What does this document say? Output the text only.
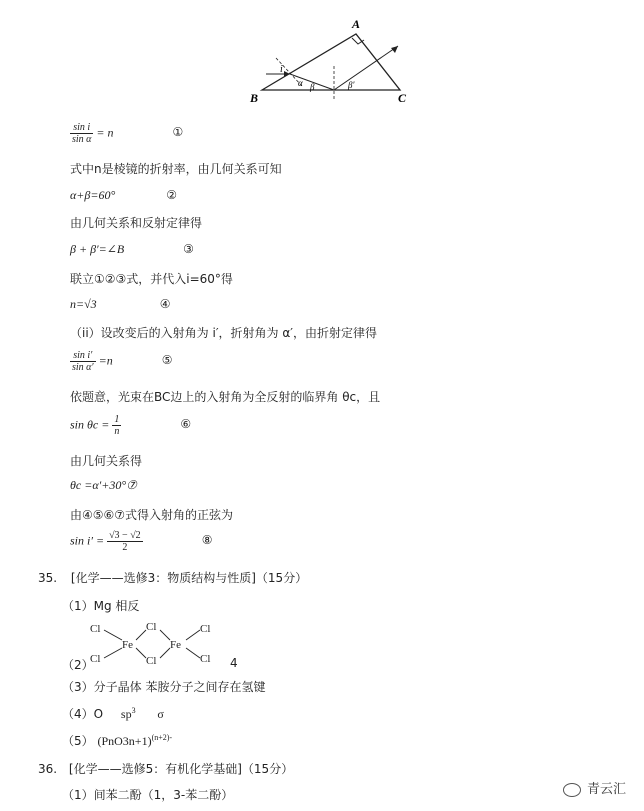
A
B	C
i
α β	β'
$\frac{\text{sin i}}{\text{sin α}} = n$	①
式中n是棱镜的折射率，由几何关系可知
α+β=60°	②
由几何关系和反射定律得
β + β′=∠B	③
联立①②③式，并代入i=60°得
n=√3	④
（ii）设改变后的入射角为 i′，折射角为 α′，由折射定律得
$\frac{\text{sin i′}}{\text{sin α′}} =n$	⑤
依题意，光束在BC边上的入射角为全反射的临界角 θc，且
$\sin \theta c = \frac{1}{n}$	⑥
由几何关系得
θc =α′+30°⑦
由④⑤⑥⑦式得入射角的正弦为
$\sin i' = \frac{√3 - √2}{2}$	⑧
35. [化学——选修3：物质结构与性质]（15分）
（1）Mg 相反
Cl
Cl
Fe
Cl
Cl
Fe
Cl
Cl
（2）	4
（3）分子晶体 苯胺分子之间存在氢键
（4）O $sp^3$ σ
（5） $(PnO3n+1)^{(n+2)-}$
36. [化学——选修5：有机化学基础]（15分）
（1）间苯二酚（1，3-苯二酚）	青云汇
